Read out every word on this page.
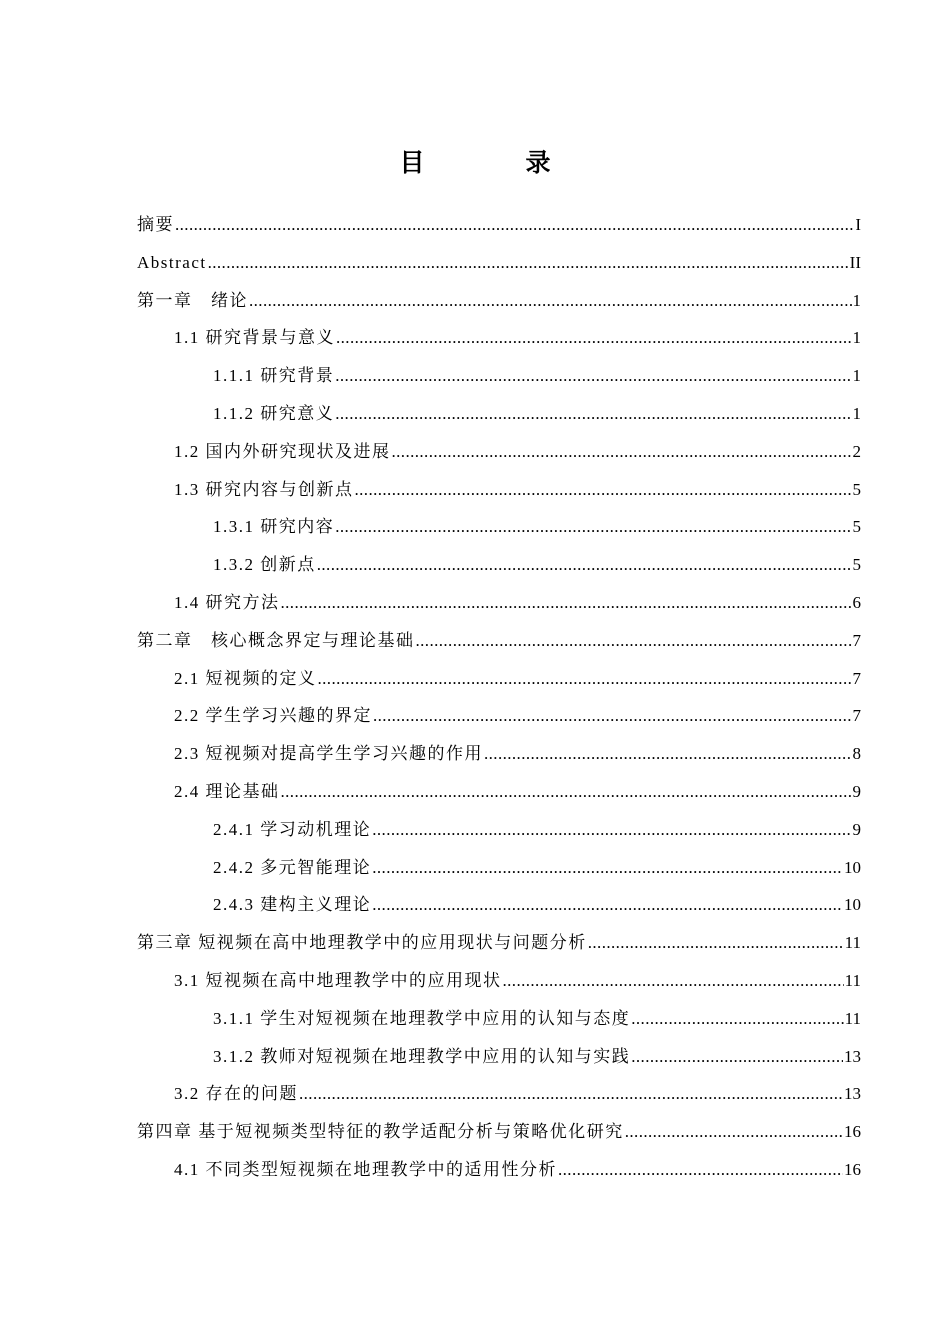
目　录
摘要 .....	I
Abstract .....	II
第一章　绪论 .....	1
1.1 研究背景与意义 .....	1
1.1.1 研究背景 .....	1
1.1.2 研究意义 .....	1
1.2 国内外研究现状及进展 .....	2
1.3 研究内容与创新点 .....	5
1.3.1 研究内容 .....	5
1.3.2 创新点 .....	5
1.4 研究方法 .....	6
第二章　核心概念界定与理论基础 .....	7
2.1 短视频的定义 .....	7
2.2 学生学习兴趣的界定 .....	7
2.3 短视频对提高学生学习兴趣的作用 .....	8
2.4 理论基础 .....	9
2.4.1 学习动机理论 .....	9
2.4.2 多元智能理论 .....	10
2.4.3 建构主义理论 .....	10
第三章 短视频在高中地理教学中的应用现状与问题分析 .....	11
3.1 短视频在高中地理教学中的应用现状 .....	11
3.1.1 学生对短视频在地理教学中应用的认知与态度 .....	11
3.1.2 教师对短视频在地理教学中应用的认知与实践 .....	13
3.2 存在的问题 .....	13
第四章 基于短视频类型特征的教学适配分析与策略优化研究 .....	16
4.1 不同类型短视频在地理教学中的适用性分析 .....	16
